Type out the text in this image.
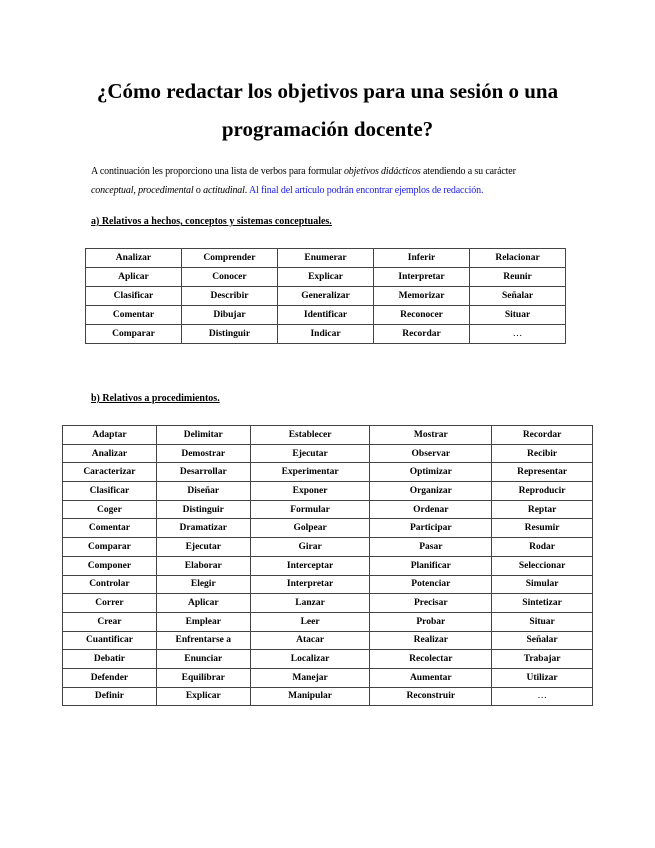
¿Cómo redactar los objetivos para una sesión o una
programación docente?
A continuación les proporciono una lista de verbos para formular objetivos didácticos atendiendo a su carácter
conceptual, procedimental o actitudinal. Al final del artículo podrán encontrar ejemplos de redacción.
a) Relativos a hechos, conceptos y sistemas conceptuales.
Analizar	Comprender	Enumerar	Inferir	Relacionar
Aplicar	Conocer	Explicar	Interpretar	Reunir
Clasificar	Describir	Generalizar	Memorizar	Señalar
Comentar	Dibujar	Identificar	Reconocer	Situar
Comparar	Distinguir	Indicar	Recordar	…
b) Relativos a procedimientos.
Adaptar	Delimitar	Establecer	Mostrar	Recordar
Analizar	Demostrar	Ejecutar	Observar	Recibir
Caracterizar	Desarrollar	Experimentar	Optimizar	Representar
Clasificar	Diseñar	Exponer	Organizar	Reproducir
Coger	Distinguir	Formular	Ordenar	Reptar
Comentar	Dramatizar	Golpear	Participar	Resumir
Comparar	Ejecutar	Girar	Pasar	Rodar
Componer	Elaborar	Interceptar	Planificar	Seleccionar
Controlar	Elegir	Interpretar	Potenciar	Simular
Correr	Aplicar	Lanzar	Precisar	Sintetizar
Crear	Emplear	Leer	Probar	Situar
Cuantificar	Enfrentarse a	Atacar	Realizar	Señalar
Debatir	Enunciar	Localizar	Recolectar	Trabajar
Defender	Equilibrar	Manejar	Aumentar	Utilizar
Definir	Explicar	Manipular	Reconstruir	…
